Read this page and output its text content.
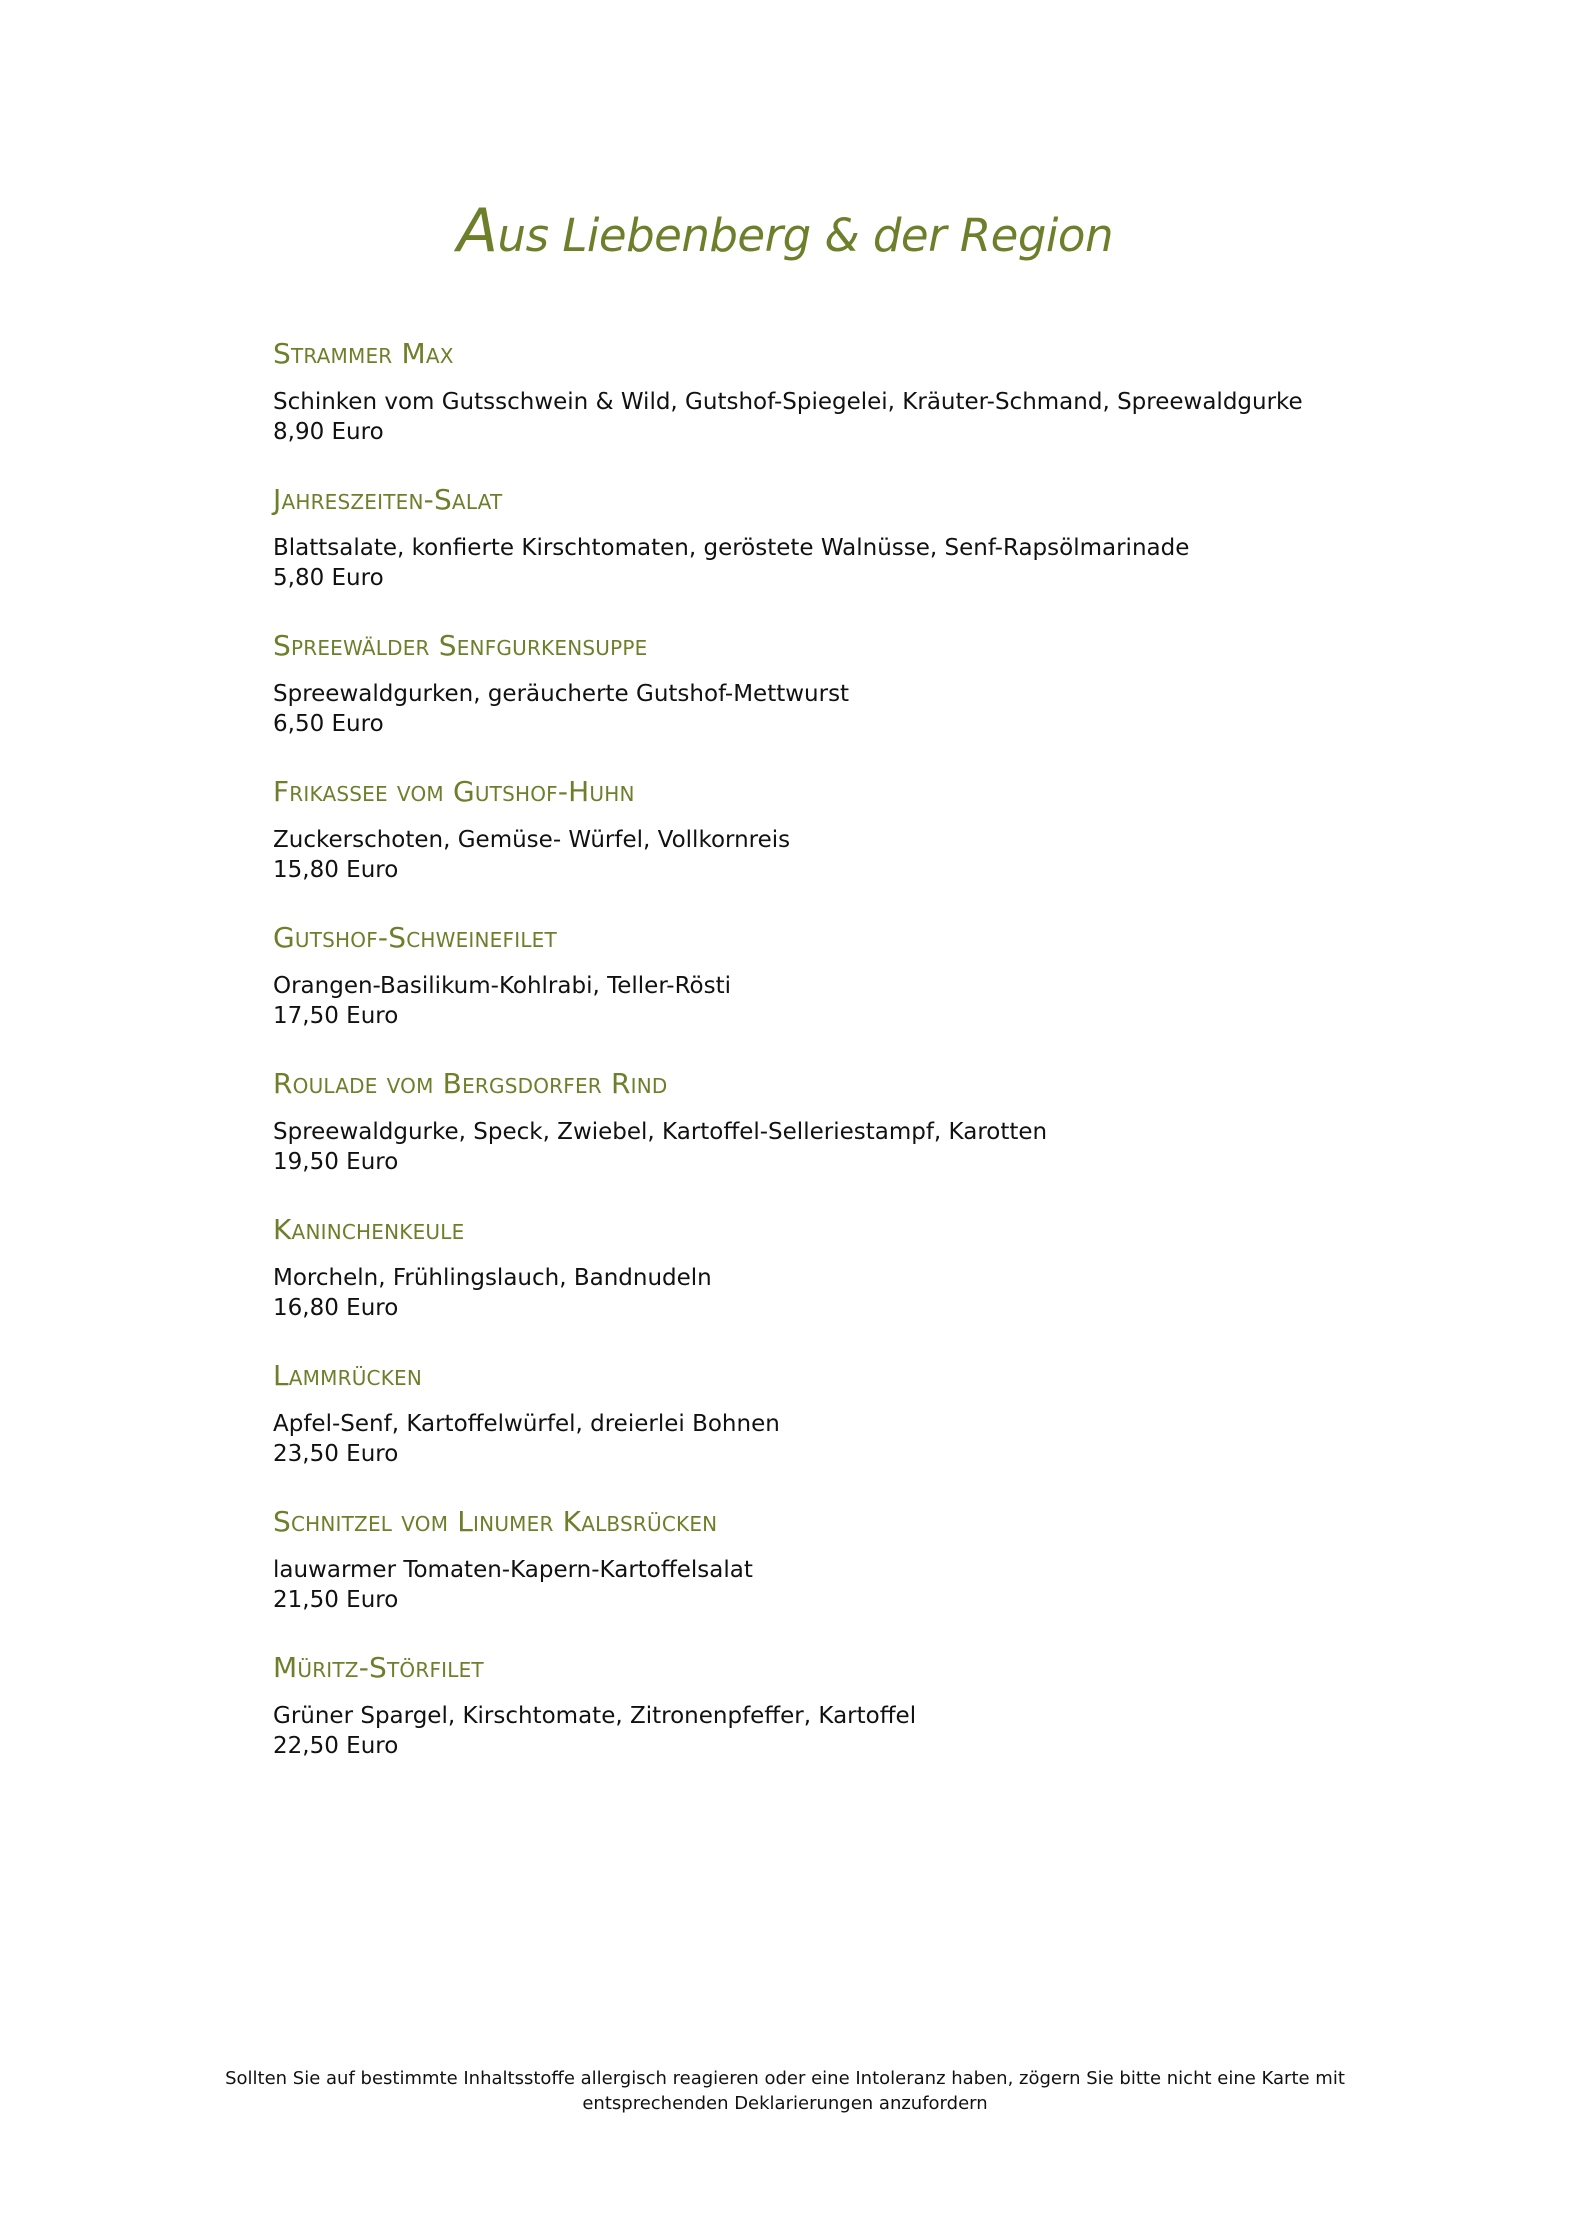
Aus Liebenberg & der Region
Strammer Max
Schinken vom Gutsschwein & Wild, Gutshof-Spiegelei, Kräuter-Schmand, Spreewaldgurke
8,90 Euro
Jahreszeiten-Salat
Blattsalate, konfierte Kirschtomaten, geröstete Walnüsse, Senf-Rapsölmarinade
5,80 Euro
Spreewälder Senfgurkensuppe
Spreewaldgurken, geräucherte Gutshof-Mettwurst
6,50 Euro
Frikassee vom Gutshof-Huhn
Zuckerschoten, Gemüse- Würfel, Vollkornreis
15,80 Euro
Gutshof-Schweinefilet
Orangen-Basilikum-Kohlrabi, Teller-Rösti
17,50 Euro
Roulade vom Bergsdorfer Rind
Spreewaldgurke, Speck, Zwiebel, Kartoffel-Selleriestampf, Karotten
19,50 Euro
Kaninchenkeule
Morcheln, Frühlingslauch, Bandnudeln
16,80 Euro
Lammrücken
Apfel-Senf, Kartoffelwürfel, dreierlei Bohnen
23,50 Euro
Schnitzel vom Linumer Kalbsrücken
lauwarmer Tomaten-Kapern-Kartoffelsalat
21,50 Euro
Müritz-Störfilet
Grüner Spargel, Kirschtomate, Zitronenpfeffer, Kartoffel
22,50 Euro
Sollten Sie auf bestimmte Inhaltsstoffe allergisch reagieren oder eine Intoleranz haben, zögern Sie bitte nicht eine Karte mit
entsprechenden Deklarierungen anzufordern
